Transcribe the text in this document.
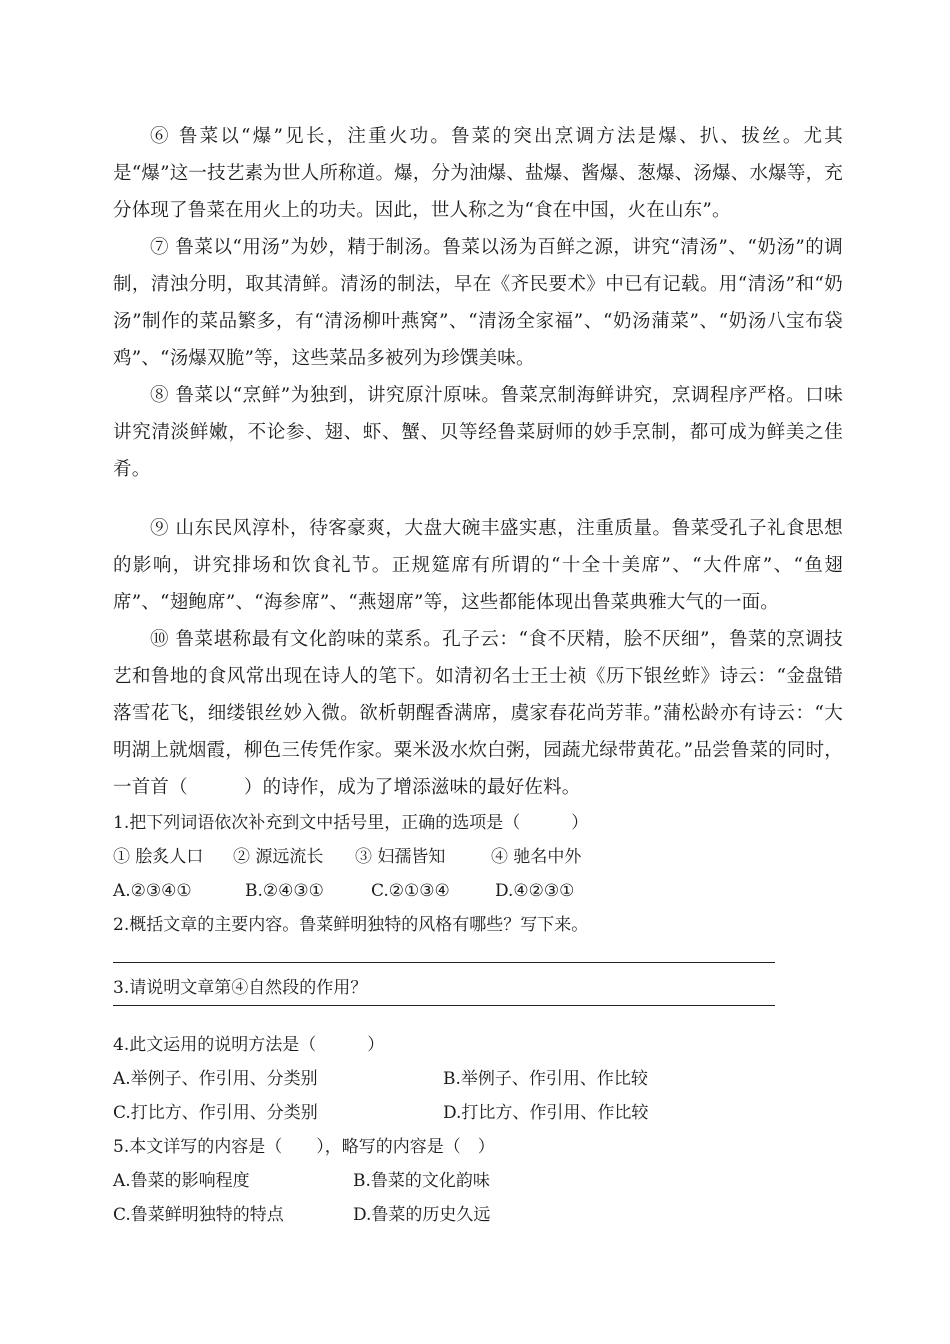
⑥ 鲁菜以“爆”见长，注重火功。鲁菜的突出烹调方法是爆、扒、拔丝。尤其是“爆”这一技艺素为世人所称道。爆，分为油爆、盐爆、酱爆、葱爆、汤爆、水爆等，充分体现了鲁菜在用火上的功夫。因此，世人称之为“食在中国，火在山东”。

⑦ 鲁菜以“用汤”为妙，精于制汤。鲁菜以汤为百鲜之源，讲究“清汤”、“奶汤”的调制，清浊分明，取其清鲜。清汤的制法，早在《齐民要术》中已有记载。用“清汤”和“奶汤”制作的菜品繁多，有“清汤柳叶燕窝”、“清汤全家福”、“奶汤蒲菜”、“奶汤八宝布袋鸡”、“汤爆双脆”等，这些菜品多被列为珍馔美味。

⑧ 鲁菜以“烹鲜”为独到，讲究原汁原味。鲁菜烹制海鲜讲究，烹调程序严格。口味讲究清淡鲜嫩，不论参、翅、虾、蟹、贝等经鲁菜厨师的妙手烹制，都可成为鲜美之佳肴。

⑨ 山东民风淳朴，待客豪爽，大盘大碗丰盛实惠，注重质量。鲁菜受孔子礼食思想的影响，讲究排场和饮食礼节。正规筵席有所谓的“十全十美席”、“大件席”、“鱼翅席”、“翅鲍席”、“海参席”、“燕翅席”等，这些都能体现出鲁菜典雅大气的一面。

⑩ 鲁菜堪称最有文化韵味的菜系。孔子云：“食不厌精，脍不厌细”，鲁菜的烹调技艺和鲁地的食风常出现在诗人的笔下。如清初名士王士祯《历下银丝蚱》诗云：“金盘错落雪花飞，细缕银丝妙入微。欲析朝醒香满席，虞家春花尚芳菲。”蒲松龄亦有诗云：“大明湖上就烟霞，柳色三传凭作家。粟米汲水炊白粥，园蔬尤绿带黄花。”品尝鲁菜的同时，一首首（　　　）的诗作，成为了增添滋味的最好佐料。

1.把下列词语依次补充到文中括号里，正确的选项是（　　　）

① 脍炙人口 ② 源远流长 ③ 妇孺皆知	④ 驰名中外

A.②③④①	B.②④③①	C.②①③④	D.④②③①

2.概括文章的主要内容。鲁菜鲜明独特的风格有哪些？写下来。

3.请说明文章第④自然段的作用？

4.此文运用的说明方法是（　　　）

A.举例子、作引用、分类别	B.举例子、作引用、作比较

C.打比方、作引用、分类别	D.打比方、作引用、作比较

5.本文详写的内容是（　　），略写的内容是（　）

A.鲁菜的影响程度	B.鲁菜的文化韵味

C.鲁菜鲜明独特的特点	D.鲁菜的历史久远
